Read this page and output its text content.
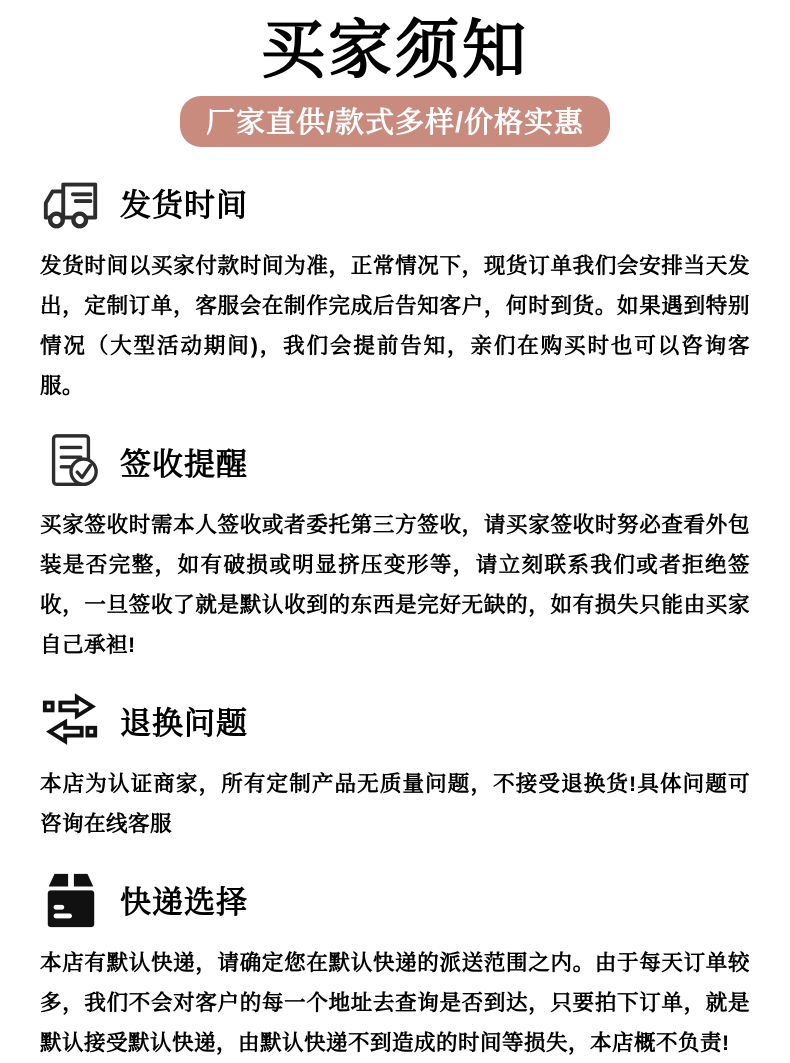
买家须知
厂家直供/款式多样/价格实惠
发货时间
发货时间以买家付款时间为准，正常情况下，现货订单我们会安排当天发出，定制订单，客服会在制作完成后告知客户，何时到货。如果遇到特别情况（大型活动期间)，我们会提前告知，亲们在购买时也可以咨询客服。
签收提醒
买家签收时需本人签收或者委托第三方签收，请买家签收时努必查看外包装是否完整，如有破损或明显挤压变形等，请立刻联系我们或者拒绝签收，一旦签收了就是默认收到的东西是完好无缺的，如有损失只能由买家自己承袒!
退换问题
本店为认证商家，所有定制产品无质量问题，不接受退换货!具体问题可咨询在线客服
快递选择
本店有默认快递，请确定您在默认快递的派送范围之内。由于每天订单较多，我们不会对客户的每一个地址去查询是否到达，只要拍下订单，就是默认接受默认快递，由默认快递不到造成的时间等损失，本店概不负责!
